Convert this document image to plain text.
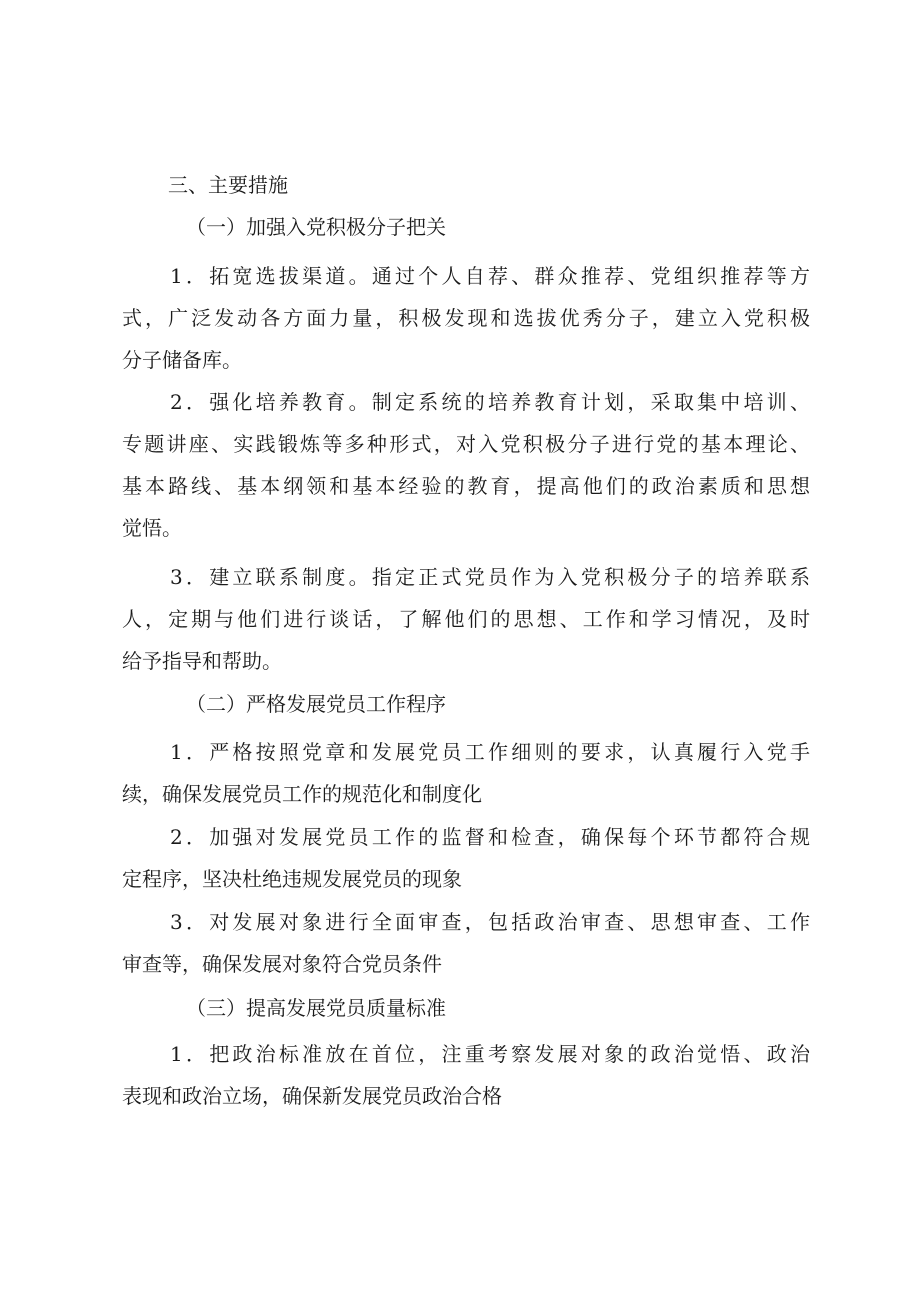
三、主要措施
（一）加强入党积极分子把关
1．拓宽选拔渠道。通过个人自荐、群众推荐、党组织推荐等方
式，广泛发动各方面力量，积极发现和选拔优秀分子，建立入党积极
分子储备库。
2．强化培养教育。制定系统的培养教育计划，采取集中培训、
专题讲座、实践锻炼等多种形式，对入党积极分子进行党的基本理论、
基本路线、基本纲领和基本经验的教育，提高他们的政治素质和思想
觉悟。
3．建立联系制度。指定正式党员作为入党积极分子的培养联系
人，定期与他们进行谈话，了解他们的思想、工作和学习情况，及时
给予指导和帮助。
（二）严格发展党员工作程序
1．严格按照党章和发展党员工作细则的要求，认真履行入党手
续，确保发展党员工作的规范化和制度化
2．加强对发展党员工作的监督和检查，确保每个环节都符合规
定程序，坚决杜绝违规发展党员的现象
3．对发展对象进行全面审查，包括政治审查、思想审查、工作
审查等，确保发展对象符合党员条件
（三）提高发展党员质量标准
1．把政治标准放在首位，注重考察发展对象的政治觉悟、政治
表现和政治立场，确保新发展党员政治合格
